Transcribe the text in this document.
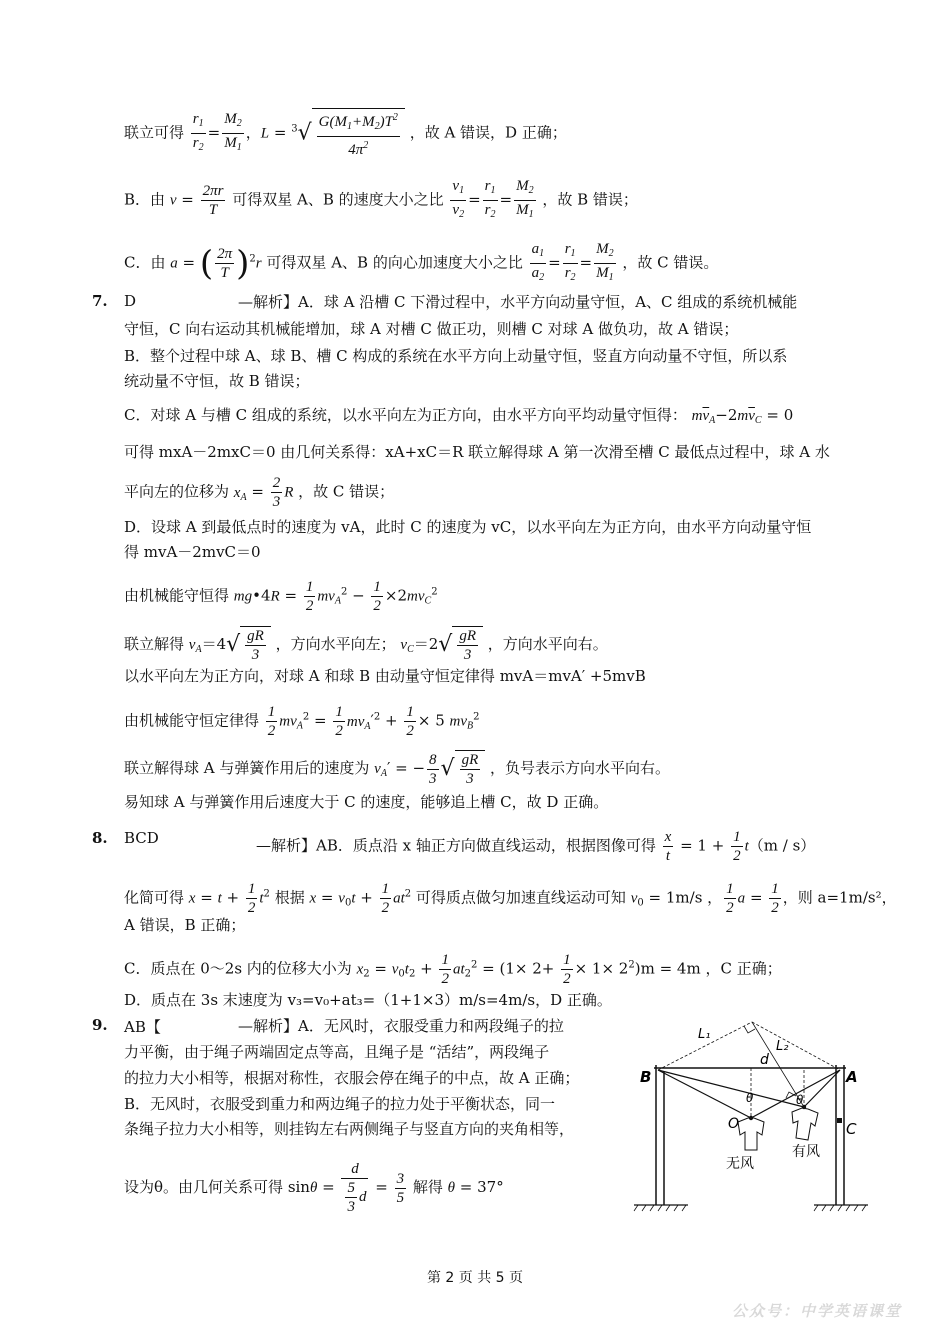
联立可得 $\frac{r_1}{r_2} = \frac{M_2}{M_1}$ ，$L = ^3√ \frac{G(M_1+M_2)T^2}{4\pi^2}$ ，故 A 错误，D 正确；
B．由 $v = \frac{2\pi r}{T}$ 可得双星 A、B 的速度大小之比 $\frac{v_1}{v_2} = \frac{r_1}{r_2} = \frac{M_2}{M_1}$ ，故 B 错误；
C．由 a = ( $\frac{2\pi}{T} )^2r$ 可得双星 A、B 的向心加速度大小之比 $\frac{a_1}{a_2} = \frac{r_1}{r_2} = \frac{M_2}{M_1}$ ，故 C 错误。
7. D	—解析】A．球 A 沿槽 C 下滑过程中，水平方向动量守恒，A、C 组成的系统机械能
守恒，C 向右运动其机械能增加，球 A 对槽 C 做正功，则槽 C 对球 A 做负功，故 A 错误；
B．整个过程中球 A、球 B、槽 C 构成的系统在水平方向上动量守恒，竖直方向动量不守恒，所以系
统动量不守恒，故 B 错误；
C．对球 A 与槽 C 组成的系统，以水平向左为正方向，由水平方向平均动量守恒得： $m\overline{v}_A-2m\overline{v}_C = 0$
可得 mxA－2mxC＝0 由几何关系得：xA+xC＝R 联立解得球 A 第一次滑至槽 C 最低点过程中，球 A 水
平向左的位移为 $x_A = \frac{2}{3}$ R ，故 C 错误；
D．设球 A 到最低点时的速度为 vA，此时 C 的速度为 vC，以水平向左为正方向，由水平方向动量守恒
得 mvA－2mvC＝0
由机械能守恒得 mg•4R = $\frac{1}{2} mv_A^2 - \frac{1}{2} \times 2mv_C^2$
联立解得 $v_A=4√ \frac{gR}{3}$ ，方向水平向左； $v_C=2√ \frac{gR}{3}$ ，方向水平向右。
以水平向左为正方向，对球 A 和球 B 由动量守恒定律得 mvA＝mvA′ +5mvB
由机械能守恒定律得 $\frac{1}{2} mv_A^2 = \frac{1}{2} mv_A'^2 + \frac{1}{2} \times 5$ $mv_B^2$
联立解得球 A 与弹簧作用后的速度为 $v_A'$ = − $\frac{8}{3}$ √ $\frac{gR}{3}$ ，负号表示方向水平向右。
易知球 A 与弹簧作用后速度大于 C 的速度，能够追上槽 C，故 D 正确。
8. BCD	—解析】AB．质点沿 x 轴正方向做直线运动，根据图像可得 $\frac{x}{t} = 1 + \frac{1}{2} t(m / s)$
化简可得 $x = t + \frac{1}{2} t^2$ 根据 $x = v_0t + \frac{1}{2} at^2$ 可得质点做匀加速直线运动可知 $v_0 = 1m/s$ ， $\frac{1}{2}$ $a = \frac{1}{2}$ ，则 a=1m/s²，
A 错误，B 正确；
C．质点在 0～2s 内的位移大小为 $x_2 = v_0t_2 + \frac{1}{2} at_2^2 = (1\times 2+ \frac{1}{2} \times 1\times 2^2)m = 4m$ ，C 正确；
D．质点在 3s 末速度为 v₃=v₀+at₃=（1+1×3）m/s=4m/s，D 正确。
9. AB【	—解析】A．无风时，衣服受重力和两段绳子的拉
力平衡，由于绳子两端固定点等高，且绳子是 “活结”，两段绳子
的拉力大小相等，根据对称性，衣服会停在绳子的中点，故 A 正确；
B．无风时，衣服受到重力和两边绳子的拉力处于平衡状态，同一
条绳子拉力大小相等，则挂钩左右两侧绳子与竖直方向的夹角相等，
设为θ。由几何关系可得 $\sin\theta = \frac{d}{\frac{5}{3} d} = \frac{3}{5}$ 解得 θ = 37°
L₁
L₂
d
B	A
C
O
θ	θ
无风
有风
第 2 页 共 5 页
公众号：中学英语课堂
